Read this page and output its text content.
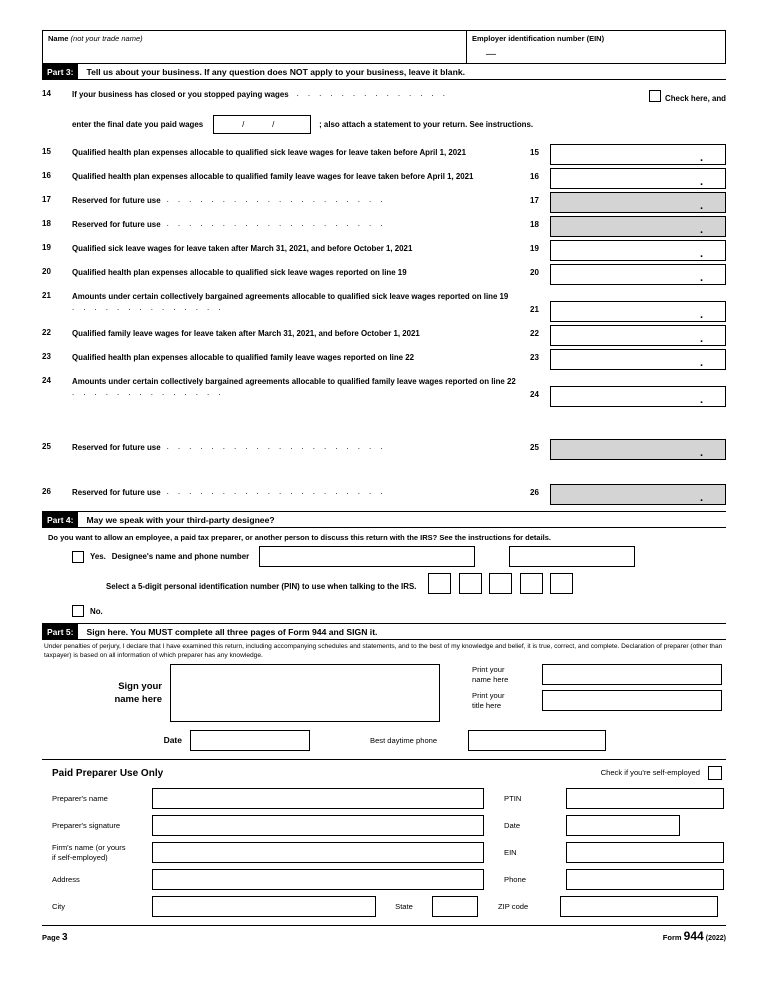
Name (not your trade name)	Employer identification number (EIN)
—
Part 3:	Tell us about your business. If any question does NOT apply to your business, leave it blank.
14	If your business has closed or you stopped paying wages	. . . . . . . . . . . . . .
Check here, and
enter the final date you paid wages	/	/	; also attach a statement to your return. See instructions.
15	Qualified health plan expenses allocable to qualified sick leave wages for leave taken before April 1, 2021	15	.
16	Qualified health plan expenses allocable to qualified family leave wages for leave taken before April 1, 2021	16	.
17	Reserved for future use . . . . . . . . . . . . . . . . . . . .	17	.
18	Reserved for future use . . . . . . . . . . . . . . . . . . . .	18	.
19	Qualified sick leave wages for leave taken after March 31, 2021, and before October 1, 2021	19	.
20	Qualified health plan expenses allocable to qualified sick leave wages reported on line 19	20	.
21	Amounts under certain collectively bargained agreements allocable to qualified sick leave wages reported on line 19
. . . . . . . . . . . . . .	21	.
22	Qualified family leave wages for leave taken after March 31, 2021, and before October 1, 2021	22	.
23	Qualified health plan expenses allocable to qualified family leave wages reported on line 22	23	.
24	Amounts under certain collectively bargained agreements allocable to qualified family leave wages reported on line 22
. . . . . . . . . . . . . .	24	.
25	Reserved for future use . . . . . . . . . . . . . . . . . . . .	25	.
26	Reserved for future use . . . . . . . . . . . . . . . . . . . .	26	.
Part 4:	May we speak with your third-party designee?
Do you want to allow an employee, a paid tax preparer, or another person to discuss this return with the IRS? See the instructions for details.
Yes. Designee's name and phone number
Select a 5-digit personal identification number (PIN) to use when talking to the IRS.

No.
Part 5:	Sign here. You MUST complete all three pages of Form 944 and SIGN it.
Under penalties of perjury, I declare that I have examined this return, including accompanying schedules and statements, and to the best of my knowledge and belief, it is true, correct, and complete. Declaration of preparer (other than taxpayer) is based on all information of which preparer has any knowledge.
Sign your
name here
Print your
name here
Print your
title here
Date	Best daytime phone
Paid Preparer Use Only	Check if you're self-employed
Preparer's name	PTIN
Preparer's signature	Date
Firm's name (or yours
if self-employed)
EIN
Address	Phone
City	State	ZIP code
Page 3	Form 944 (2022)
